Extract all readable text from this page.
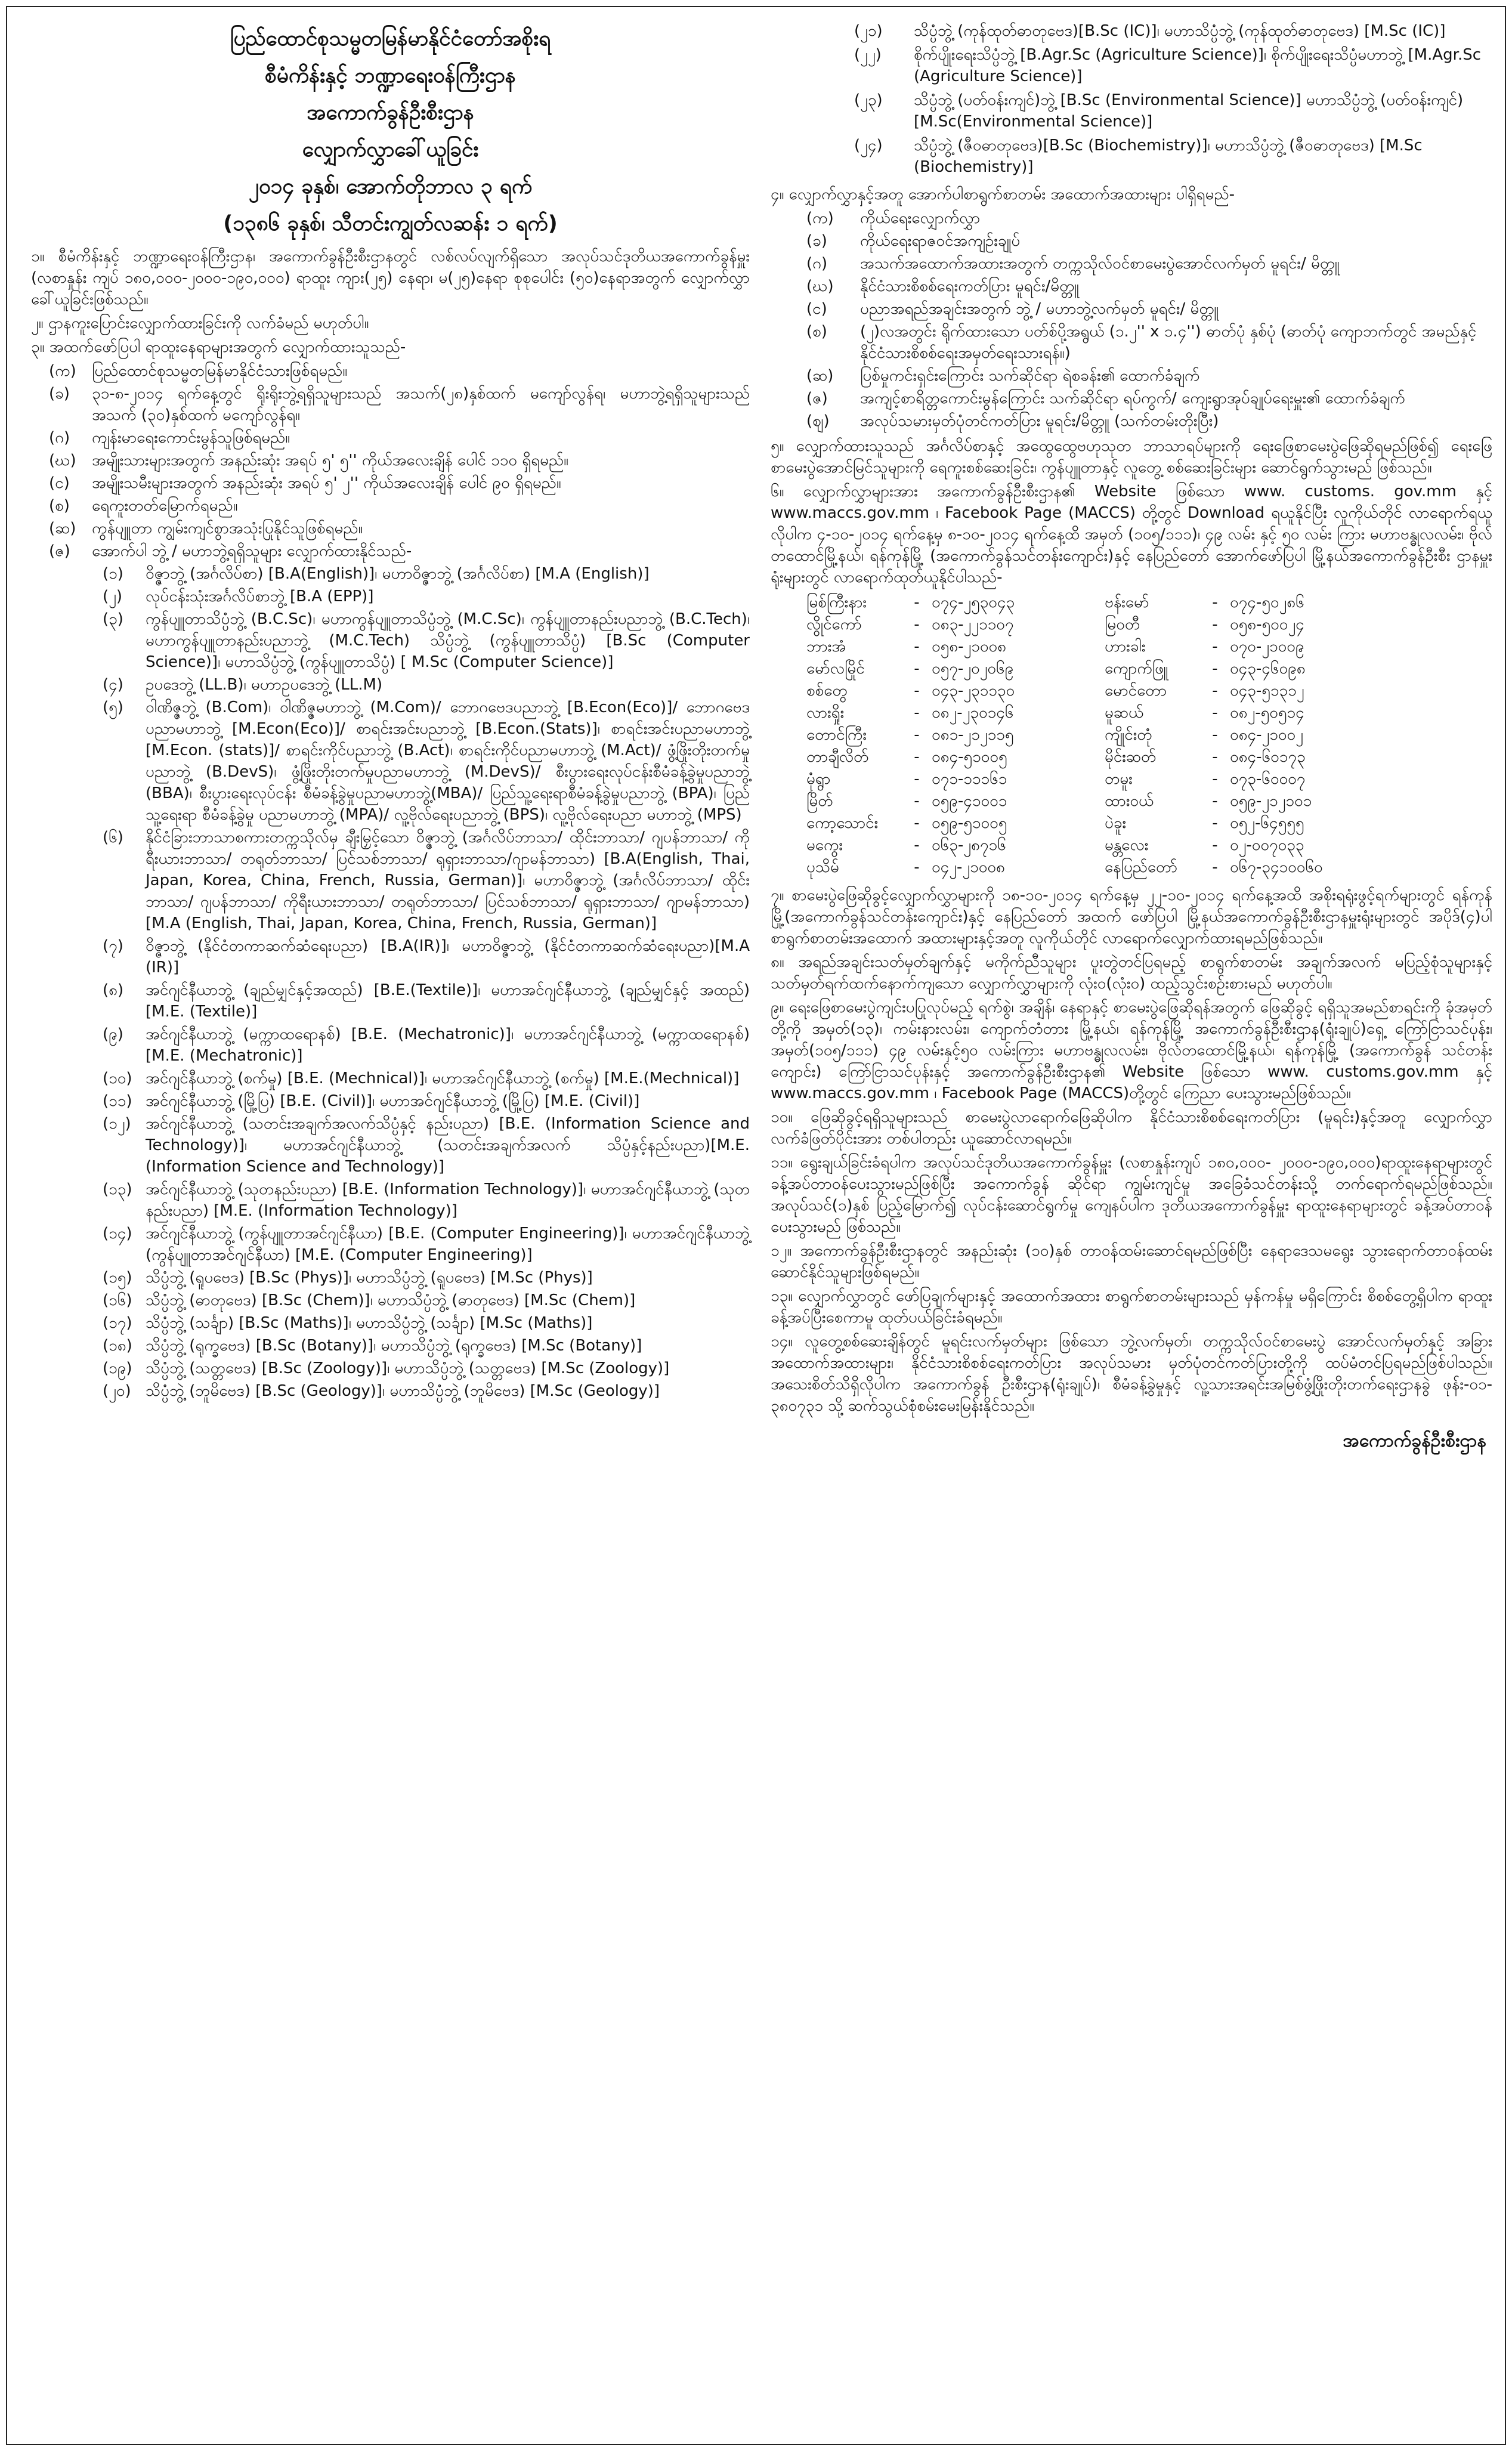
ပြည်ထောင်စုသမ္မတမြန်မာနိုင်ငံတော်အစိုးရ
စီမံကိန်းနှင့် ဘဏ္ဍာရေးဝန်ကြီးဌာန
အကောက်ခွန်ဦးစီးဌာန
လျှောက်လွှာခေါ်ယူခြင်း
၂၀၁၄ ခုနှစ်၊ အောက်တိုဘာလ ၃ ရက်
(၁၃၈၆ ခုနှစ်၊ သီတင်းကျွတ်လဆန်း ၁ ရက်)

၁။ စီမံကိန်းနှင့် ဘဏ္ဍာရေးဝန်ကြီးဌာန၊ အကောက်ခွန်ဦးစီးဌာနတွင် လစ်လပ်လျက်ရှိသော အလုပ်သင်ဒုတိယအကောက်ခွန်မှူး (လစာနှုန်း ကျပ် ၁၈၀,၀၀၀-၂၀၀၀-၁၉၀,၀၀၀) ရာထူး ကျား(၂၅) နေရာ၊ မ(၂၅)နေရာ စုစုပေါင်း (၅၀)နေရာအတွက် လျှောက်လွှာခေါ်ယူခြင်းဖြစ်သည်။

၂။ ဌာနကူးပြောင်းလျှောက်ထားခြင်းကို လက်ခံမည် မဟုတ်ပါ။

၃။ အထက်ဖော်ပြပါ ရာထူးနေရာများအတွက် လျှောက်ထားသူသည်-

(က)	ပြည်ထောင်စုသမ္မတမြန်မာနိုင်ငံသားဖြစ်ရမည်။
(ခ)	၃၁-၈-၂၀၁၄ ရက်နေ့တွင် ရိုးရိုးဘွဲ့ရရှိသူများသည် အသက်(၂၈)နှစ်ထက် မကျော်လွန်ရ၊ မဟာဘွဲ့ရရှိသူများသည် အသက် (၃၀)နှစ်ထက် မကျော်လွန်ရ။
(ဂ)	ကျန်းမာရေးကောင်းမွန်သူဖြစ်ရမည်။
(ဃ)	အမျိုးသားများအတွက် အနည်းဆုံး အရပ် ၅' ၅'' ကိုယ်အလေးချိန် ပေါင် ၁၁၀ ရှိရမည်။
(င)	အမျိုးသမီးများအတွက် အနည်းဆုံး အရပ် ၅' ၂'' ကိုယ်အလေးချိန် ပေါင် ၉၀ ရှိရမည်။
(စ)	ရေကူးတတ်မြောက်ရမည်။
(ဆ)	ကွန်ပျူတာ ကျွမ်းကျင်စွာအသုံးပြုနိုင်သူဖြစ်ရမည်။
(ဇ)	အောက်ပါ ဘွဲ့ / မဟာဘွဲ့ရရှိသူများ လျှောက်ထားနိုင်သည်-
(၁)	ဝိဇ္ဇာဘွဲ့ (အင်္ဂလိပ်စာ) [B.A(English)]၊ မဟာဝိဇ္ဇာဘွဲ့ (အင်္ဂလိပ်စာ) [M.A (English)]
(၂)	လုပ်ငန်းသုံးအင်္ဂလိပ်စာဘွဲ့ [B.A (EPP)]
(၃)	ကွန်ပျူတာသိပ္ပံဘွဲ့ (B.C.Sc)၊ မဟာကွန်ပျူတာသိပ္ပံဘွဲ့ (M.C.Sc)၊ ကွန်ပျူတာနည်းပညာဘွဲ့ (B.C.Tech)၊ မဟာကွန်ပျူတာနည်းပညာဘွဲ့ (M.C.Tech) သိပ္ပံဘွဲ့ (ကွန်ပျူတာသိပ္ပံ) [B.Sc (Computer Science)]၊ မဟာသိပ္ပံဘွဲ့ (ကွန်ပျူတာသိပ္ပံ) [ M.Sc (Computer Science)]
(၄)	ဥပဒေဘွဲ့ (LL.B)၊ မဟာဥပဒေဘွဲ့ (LL.M)
(၅)	ဝါဏိဇ္ဇဘွဲ့ (B.Com)၊ ဝါဏိဇ္ဇမဟာဘွဲ့ (M.Com)/ ဘောဂဗေဒပညာဘွဲ့ [B.Econ(Eco)]/ ဘောဂဗေဒပညာမဟာဘွဲ့ [M.Econ(Eco)]/ စာရင်းအင်းပညာဘွဲ့ [B.Econ.(Stats)]၊ စာရင်းအင်းပညာမဟာဘွဲ့ [M.Econ. (stats)]/ စာရင်းကိုင်ပညာဘွဲ့ (B.Act)၊ စာရင်းကိုင်ပညာမဟာဘွဲ့ (M.Act)/ ဖွံ့ဖြိုးတိုးတက်မှုပညာဘွဲ့ (B.DevS)၊ ဖွံ့ဖြိုးတိုးတက်မှုပညာမဟာဘွဲ့ (M.DevS)/ စီးပွားရေးလုပ်ငန်းစီမံခန့်ခွဲမှုပညာဘွဲ့ (BBA)၊ စီးပွားရေးလုပ်ငန်း စီမံခန့်ခွဲမှုပညာမဟာဘွဲ့(MBA)/ ပြည်သူ့ရေးရာစီမံခန့်ခွဲမှုပညာဘွဲ့ (BPA)၊ ပြည်သူ့ရေးရာ စီမံခန့်ခွဲမှု ပညာမဟာဘွဲ့ (MPA)/ လူ့ဗိုလ်ရေးပညာဘွဲ့ (BPS)၊ လူ့ဗိုလ်ရေးပညာ မဟာဘွဲ့ (MPS)
(၆)	နိုင်ငံခြားဘာသာစကားတက္ကသိုလ်မှ ချီးမြှင့်သော ဝိဇ္ဇာဘွဲ့ (အင်္ဂလိပ်ဘာသာ/ ထိုင်းဘာသာ/ ဂျပန်ဘာသာ/ ကိုရီးယားဘာသာ/ တရုတ်ဘာသာ/ ပြင်သစ်ဘာသာ/ ရုရှားဘာသာ/ဂျာမန်ဘာသာ) [B.A(English, Thai, Japan, Korea, China, French, Russia, German)]၊ မဟာဝိဇ္ဇာဘွဲ့ (အင်္ဂလိပ်ဘာသာ/ ထိုင်းဘာသာ/ ဂျပန်ဘာသာ/ ကိုရီးယားဘာသာ/ တရုတ်ဘာသာ/ ပြင်သစ်ဘာသာ/ ရုရှားဘာသာ/ ဂျာမန်ဘာသာ)[M.A (English, Thai, Japan, Korea, China, French, Russia, German)]
(၇)	ဝိဇ္ဇာဘွဲ့ (နိုင်ငံတကာဆက်ဆံရေးပညာ) [B.A(IR)]၊ မဟာဝိဇ္ဇာဘွဲ့ (နိုင်ငံတကာဆက်ဆံရေးပညာ)[M.A (IR)]
(၈)	အင်ဂျင်နီယာဘွဲ့ (ချည်မျှင်နှင့်အထည်) [B.E.(Textile)]၊ မဟာအင်ဂျင်နီယာဘွဲ့ (ချည်မျှင်နှင့် အထည်) [M.E. (Textile)]
(၉)	အင်ဂျင်နီယာဘွဲ့ (မက္ကာထရောနစ်) [B.E. (Mechatronic)]၊ မဟာအင်ဂျင်နီယာဘွဲ့ (မက္ကာထရောနစ်) [M.E. (Mechatronic)]
(၁၀) အင်ဂျင်နီယာဘွဲ့ (စက်မှု) [B.E. (Mechnical)]၊ မဟာအင်ဂျင်နီယာဘွဲ့ (စက်မှု) [M.E.(Mechnical)]
(၁၁) အင်ဂျင်နီယာဘွဲ့ (မြို့ပြ) [B.E. (Civil)]၊ မဟာအင်ဂျင်နီယာဘွဲ့ (မြို့ပြ) [M.E. (Civil)]
(၁၂) အင်ဂျင်နီယာဘွဲ့ (သတင်းအချက်အလက်သိပ္ပံနှင့် နည်းပညာ) [B.E. (Information Science and Technology)]၊ မဟာအင်ဂျင်နီယာဘွဲ့ (သတင်းအချက်အလက် သိပ္ပံနှင့်နည်းပညာ)[M.E. (Information Science and Technology)]
(၁၃) အင်ဂျင်နီယာဘွဲ့ (သုတနည်းပညာ) [B.E. (Information Technology)]၊ မဟာအင်ဂျင်နီယာဘွဲ့ (သုတနည်းပညာ) [M.E. (Information Technology)]
(၁၄) အင်ဂျင်နီယာဘွဲ့ (ကွန်ပျူတာအင်ဂျင်နီယာ) [B.E. (Computer Engineering)]၊ မဟာအင်ဂျင်နီယာဘွဲ့ (ကွန်ပျူတာအင်ဂျင်နီယာ) [M.E. (Computer Engineering)]
(၁၅) သိပ္ပံဘွဲ့ (ရူပဗေဒ) [B.Sc (Phys)]၊ မဟာသိပ္ပံဘွဲ့ (ရူပဗေဒ) [M.Sc (Phys)]
(၁၆) သိပ္ပံဘွဲ့ (ဓာတုဗေဒ) [B.Sc (Chem)]၊ မဟာသိပ္ပံဘွဲ့ (ဓာတုဗေဒ) [M.Sc (Chem)]
(၁၇) သိပ္ပံဘွဲ့ (သင်္ချာ) [B.Sc (Maths)]၊ မဟာသိပ္ပံဘွဲ့ (သင်္ချာ) [M.Sc (Maths)]
(၁၈) သိပ္ပံဘွဲ့ (ရုက္ခဗေဒ) [B.Sc (Botany)]၊ မဟာသိပ္ပံဘွဲ့ (ရုက္ခဗေဒ) [M.Sc (Botany)]
(၁၉) သိပ္ပံဘွဲ့ (သတ္တဗေဒ) [B.Sc (Zoology)]၊ မဟာသိပ္ပံဘွဲ့ (သတ္တဗေဒ) [M.Sc (Zoology)]
(၂၀) သိပ္ပံဘွဲ့ (ဘူမိဗေဒ) [B.Sc (Geology)]၊ မဟာသိပ္ပံဘွဲ့ (ဘူမိဗေဒ) [M.Sc (Geology)]
(၂၁)	သိပ္ပံဘွဲ့ (ကုန်ထုတ်ဓာတုဗေဒ)[B.Sc (IC)]၊ မဟာသိပ္ပံဘွဲ့ (ကုန်ထုတ်ဓာတုဗေဒ) [M.Sc (IC)]
(၂၂)	စိုက်ပျိုးရေးသိပ္ပံဘွဲ့ [B.Agr.Sc (Agriculture Science)]၊ စိုက်ပျိုးရေးသိပ္ပံမဟာဘွဲ့ [M.Agr.Sc (Agriculture Science)]
(၂၃)	သိပ္ပံဘွဲ့ (ပတ်ဝန်းကျင်)ဘွဲ့ [B.Sc (Environmental Science)] မဟာသိပ္ပံဘွဲ့ (ပတ်ဝန်းကျင်) [M.Sc(Environmental Science)]
(၂၄)	သိပ္ပံဘွဲ့ (ဇီဝဓာတုဗေဒ)[B.Sc (Biochemistry)]၊ မဟာသိပ္ပံဘွဲ့ (ဇီဝဓာတုဗေဒ) [M.Sc (Biochemistry)]

၄။ လျှောက်လွှာနှင့်အတူ အောက်ပါစာရွက်စာတမ်း အထောက်အထားများ ပါရှိရမည်-

(က)	ကိုယ်ရေးလျှောက်လွှာ
(ခ)	ကိုယ်ရေးရာဇဝင်အကျဉ်းချုပ်
(ဂ)	အသက်အထောက်အထားအတွက် တက္ကသိုလ်ဝင်စာမေးပွဲအောင်လက်မှတ် မူရင်း/ မိတ္တူ
(ဃ)	နိုင်ငံသားစိစစ်ရေးကတ်ပြား မူရင်း/မိတ္တူ
(င)	ပညာအရည်အချင်းအတွက် ဘွဲ့ / မဟာဘွဲ့လက်မှတ် မူရင်း/ မိတ္တူ
(စ)	(၂)လအတွင်း ရိုက်ထားသော ပတ်စ်ပို့အရွယ် (၁.၂'' x ၁.၄'') ဓာတ်ပုံ နှစ်ပုံ (ဓာတ်ပုံ ကျောဘက်တွင် အမည်နှင့် နိုင်ငံသားစိစစ်ရေးအမှတ်ရေးသားရန်။)
(ဆ)	ပြစ်မှုကင်းရှင်းကြောင်း သက်ဆိုင်ရာ ရဲစခန်း၏ ထောက်ခံချက်
(ဇ)	အကျင့်စာရိတ္တကောင်းမွန်ကြောင်း သက်ဆိုင်ရာ ရပ်ကွက်/ ကျေးရွာအုပ်ချုပ်ရေးမှူး၏ ထောက်ခံချက်
(ဈ)	အလုပ်သမားမှတ်ပုံတင်ကတ်ပြား မူရင်း/မိတ္တူ (သက်တမ်းတိုးပြီး)

၅။ လျှောက်ထားသူသည် အင်္ဂလိပ်စာနှင့် အထွေထွေဗဟုသုတ ဘာသာရပ်များကို ရေးဖြေစာမေးပွဲဖြေဆိုရမည်ဖြစ်၍ ရေးဖြေစာမေးပွဲအောင်မြင်သူများကို ရေကူးစစ်ဆေးခြင်း၊ ကွန်ပျူတာနှင့် လူတွေ့ စစ်ဆေးခြင်းများ ဆောင်ရွက်သွားမည် ဖြစ်သည်။

၆။ လျှောက်လွှာများအား အကောက်ခွန်ဦးစီးဌာန၏ Website ဖြစ်သော www. customs. gov.mm နှင့် www.maccs.gov.mm ၊ Facebook Page (MACCS) တို့တွင် Download ရယူနိုင်ပြီး လူကိုယ်တိုင် လာရောက်ရယူလိုပါက ၄-၁၀-၂၀၁၄ ရက်နေ့မှ ၈-၁၀-၂၀၁၄ ရက်နေ့ထိ အမှတ် (၁၀၅/၁၁၁)၊ ၄၉ လမ်း နှင့် ၅၀ လမ်း ကြား မဟာဗန္ဓုလလမ်း၊ ဗိုလ်တထောင်မြို့နယ်၊ ရန်ကုန်မြို့ (အကောက်ခွန်သင်တန်းကျောင်း)နှင့် နေပြည်တော် အောက်ဖော်ပြပါ မြို့နယ်အကောက်ခွန်ဦးစီး ဌာနမှူးရုံးများတွင် လာရောက်ထုတ်ယူနိုင်ပါသည်-

မြစ်ကြီးနား	-	၀၇၄-၂၅၃၀၄၃	ဗန်းမော်	-	၀၇၄-၅၀၂၈၆
လွိုင်ကော်	-	၀၈၃-၂၂၁၁၀၇	မြဝတီ	-	၀၅၈-၅၀၀၂၄
ဘားအံ	-	၀၅၈-၂၁၀၀၈	ဟားခါး	-	၀၇၀-၂၁၀၀၉
မော်လမြိုင်	-	၀၅၇-၂၀၂၀၆၉	ကျောက်ဖြူ	-	၀၄၃-၄၆၀၉၈
စစ်တွေ	-	၀၄၃-၂၃၁၁၃၀	မောင်တော	-	၀၄၃-၅၁၃၁၂
လားရှိုး	-	၀၈၂-၂၃၀၁၄၆	မူဆယ်	-	၀၈၂-၅၀၅၁၄
တောင်ကြီး	-	၀၈၁-၂၁၂၁၁၅	ကျိုင်းတုံ	-	၀၈၄-၂၁၀၀၂
တာချီလိတ်	-	၀၈၄-၅၁၀၀၅	မိုင်းဆတ်	-	၀၈၄-၆၀၁၇၃
မုံရွာ	-	၀၇၁-၁၁၁၆၁	တမူး	-	၀၇၃-၆၀၀၀၇
မြိတ်	-	၀၅၉-၄၁၀၀၁	ထားဝယ်	-	၀၅၉-၂၁၂၁၀၁
ကော့သောင်း	-	၀၅၉-၅၁၀၀၅	ပဲခူး	-	၀၅၂-၆၄၅၅၅
မကွေး	-	၀၆၃-၂၈၇၁၆	မန္တလေး	-	၀၂-၀၀၇၀၃၃
ပုသိမ်	-	၀၄၂-၂၁၀၀၈	နေပြည်တော်	-	၀၆၇-၃၄၁၀၀၆၀

၇။ စာမေးပွဲဖြေဆိုခွင့်လျှောက်လွှာများကို ၁၈-၁၀-၂၀၁၄ ရက်နေ့မှ ၂၂-၁၀-၂၀၁၄ ရက်နေ့အထိ အစိုးရရုံးဖွင့်ရက်များတွင် ရန်ကုန်မြို့(အကောက်ခွန်သင်တန်းကျောင်း)နှင့် နေပြည်တော် အထက် ဖော်ပြပါ မြို့နယ်အကောက်ခွန်ဦးစီးဌာနမှူးရုံးများတွင် အပိုဒ်(၄)ပါ စာရွက်စာတမ်းအထောက် အထားများနှင့်အတူ လူကိုယ်တိုင် လာရောက်လျှောက်ထားရမည်ဖြစ်သည်။

၈။ အရည်အချင်းသတ်မှတ်ချက်နှင့် မကိုက်ညီသူများ ပူးတွဲတင်ပြရမည့် စာရွက်စာတမ်း အချက်အလက် မပြည့်စုံသူများနှင့် သတ်မှတ်ရက်ထက်နောက်ကျသော လျှောက်လွှာများကို လုံးဝ(လုံးဝ) ထည့်သွင်းစဉ်းစားမည် မဟုတ်ပါ။

၉။ ရေးဖြေစာမေးပွဲကျင်းပပြုလုပ်မည့် ရက်စွဲ၊ အချိန်၊ နေရာနှင့် စာမေးပွဲဖြေဆိုရန်အတွက် ဖြေဆိုခွင့် ရရှိသူအမည်စာရင်းကို ခုံအမှတ်တို့ကို အမှတ်(၁၃)၊ ကမ်းနားလမ်း၊ ကျောက်တံတား မြို့နယ်၊ ရန်ကုန်မြို့ အကောက်ခွန်ဦးစီးဌာန(ရုံးချုပ်)ရှေ့ ကြော်ငြာသင်ပုန်း၊ အမှတ်(၁၀၅/၁၁၁) ၄၉ လမ်းနှင့်၅၀ လမ်းကြား မဟာဗန္ဓုလလမ်း၊ ဗိုလ်တထောင်မြို့နယ်၊ ရန်ကုန်မြို့ (အကောက်ခွန် သင်တန်းကျောင်း) ကြော်ငြာသင်ပုန်းနှင့် အကောက်ခွန်ဦးစီးဌာန၏ Website ဖြစ်သော www. customs.gov.mm နှင့် www.maccs.gov.mm ၊ Facebook Page (MACCS)တို့တွင် ကြေညာ ပေးသွားမည်ဖြစ်သည်။

၁၀။ ဖြေဆိုခွင့်ရရှိသူများသည် စာမေးပွဲလာရောက်ဖြေဆိုပါက နိုင်ငံသားစိစစ်ရေးကတ်ပြား (မူရင်း)နှင့်အတူ လျှောက်လွှာလက်ခံဖြတ်ပိုင်းအား တစ်ပါတည်း ယူဆောင်လာရမည်။

၁၁။ ရွေးချယ်ခြင်းခံရပါက အလုပ်သင်ဒုတိယအကောက်ခွန်မှူး (လစာနှုန်းကျပ် ၁၈၀,၀၀၀- ၂၀၀၀-၁၉၀,၀၀၀)ရာထူးနေရာများတွင် ခန့်အပ်တာဝန်ပေးသွားမည်ဖြစ်ပြီး အကောက်ခွန် ဆိုင်ရာ ကျွမ်းကျင်မှု အခြေခံသင်တန်းသို့ တက်ရောက်ရမည်ဖြစ်သည်။ အလုပ်သင်(၁)နှစ် ပြည့်မြောက်၍ လုပ်ငန်းဆောင်ရွက်မှု ကျေနပ်ပါက ဒုတိယအကောက်ခွန်မှူး ရာထူးနေရာများတွင် ခန့်အပ်တာဝန် ပေးသွားမည် ဖြစ်သည်။

၁၂။ အကောက်ခွန်ဦးစီးဌာနတွင် အနည်းဆုံး (၁၀)နှစ် တာဝန်ထမ်းဆောင်ရမည်ဖြစ်ပြီး နေရာဒေသမရွေး သွားရောက်တာဝန်ထမ်းဆောင်နိုင်သူများဖြစ်ရမည်။

၁၃။ လျှောက်လွှာတွင် ဖော်ပြချက်များနှင့် အထောက်အထား စာရွက်စာတမ်းများသည် မှန်ကန်မှု မရှိကြောင်း စိစစ်တွေ့ရှိပါက ရာထူးခန့်အပ်ပြီးစေကာမူ ထုတ်ပယ်ခြင်းခံရမည်။

၁၄။ လူတွေ့စစ်ဆေးချိန်တွင် မူရင်းလက်မှတ်များ ဖြစ်သော ဘွဲ့လက်မှတ်၊ တက္ကသိုလ်ဝင်စာမေးပွဲ အောင်လက်မှတ်နှင့် အခြားအထောက်အထားများ၊ နိုင်ငံသားစိစစ်ရေးကတ်ပြား အလုပ်သမား မှတ်ပုံတင်ကတ်ပြားတို့ကို ထပ်မံတင်ပြရမည်ဖြစ်ပါသည်။ အသေးစိတ်သိရှိလိုပါက အကောက်ခွန် ဦးစီးဌာန(ရုံးချုပ်)၊ စီမံခန့်ခွဲမှုနှင့် လူ့သားအရင်းအမြစ်ဖွံ့ဖြိုးတိုးတက်ရေးဌာနခွဲ ဖုန်း-၀၁- ၃၈၀၇၃၁ သို့ ဆက်သွယ်စုံစမ်းမေးမြန်းနိုင်သည်။

အကောက်ခွန်ဦးစီးဌာန
